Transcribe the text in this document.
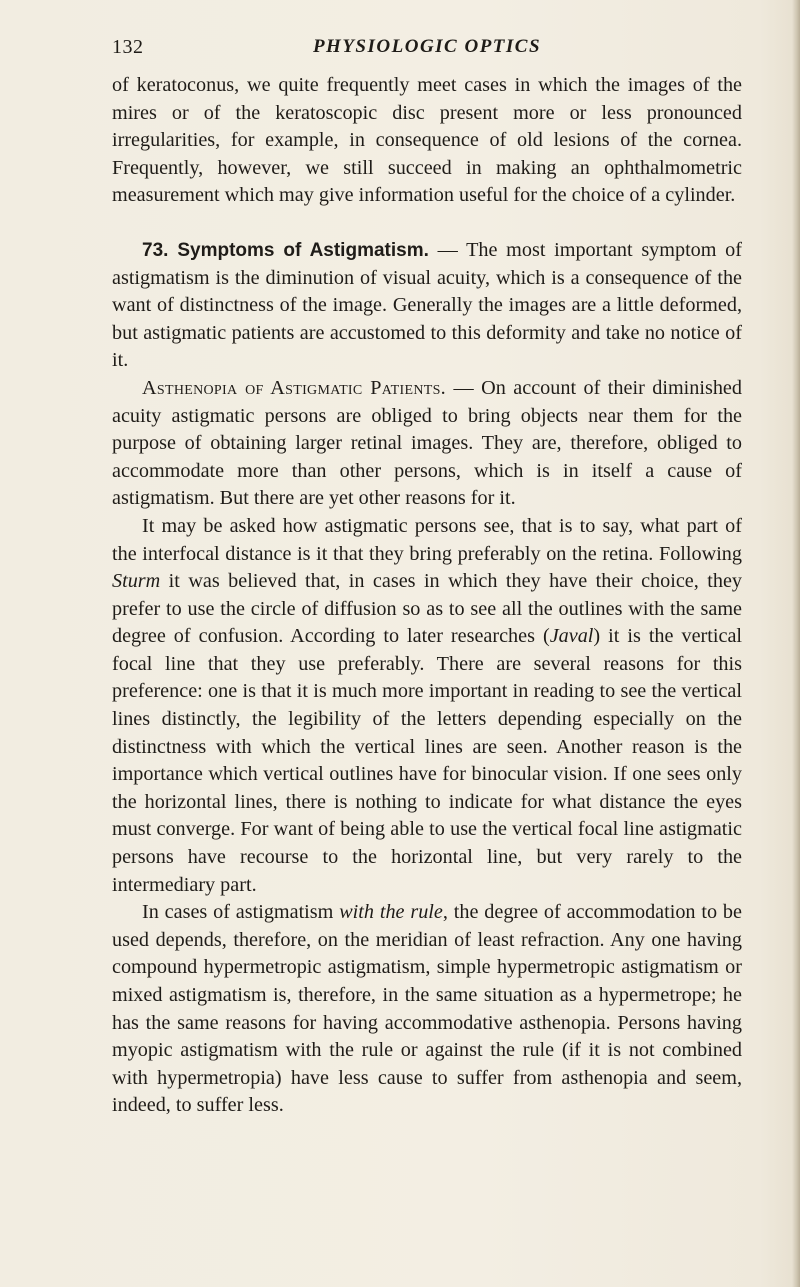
132	PHYSIOLOGIC OPTICS

of keratoconus, we quite frequently meet cases in which the images of the mires or of the keratoscopic disc present more or less pronounced irregularities, for example, in consequence of old lesions of the cornea. Frequently, however, we still succeed in making an ophthalmometric measurement which may give information useful for the choice of a cylinder.

73. Symptoms of Astigmatism. — The most important symptom of astigmatism is the diminution of visual acuity, which is a consequence of the want of distinctness of the image. Generally the images are a little deformed, but astigmatic patients are accustomed to this deformity and take no notice of it.

Asthenopia of Astigmatic Patients. — On account of their diminished acuity astigmatic persons are obliged to bring objects near them for the purpose of obtaining larger retinal images. They are, therefore, obliged to accommodate more than other persons, which is in itself a cause of astigmatism. But there are yet other reasons for it.

It may be asked how astigmatic persons see, that is to say, what part of the interfocal distance is it that they bring preferably on the retina. Following Sturm it was believed that, in cases in which they have their choice, they prefer to use the circle of diffusion so as to see all the outlines with the same degree of confusion. According to later researches (Javal) it is the vertical focal line that they use preferably. There are several reasons for this preference: one is that it is much more important in reading to see the vertical lines distinctly, the legibility of the letters depending especially on the distinctness with which the vertical lines are seen. Another reason is the importance which vertical outlines have for binocular vision. If one sees only the horizontal lines, there is nothing to indicate for what distance the eyes must converge. For want of being able to use the vertical focal line astigmatic persons have recourse to the horizontal line, but very rarely to the intermediary part.

In cases of astigmatism with the rule, the degree of accommodation to be used depends, therefore, on the meridian of least refraction. Any one having compound hypermetropic astigmatism, simple hypermetropic astigmatism or mixed astigmatism is, therefore, in the same situation as a hypermetrope; he has the same reasons for having accommodative asthenopia. Persons having myopic astigmatism with the rule or against the rule (if it is not combined with hypermetropia) have less cause to suffer from asthenopia and seem, indeed, to suffer less.
